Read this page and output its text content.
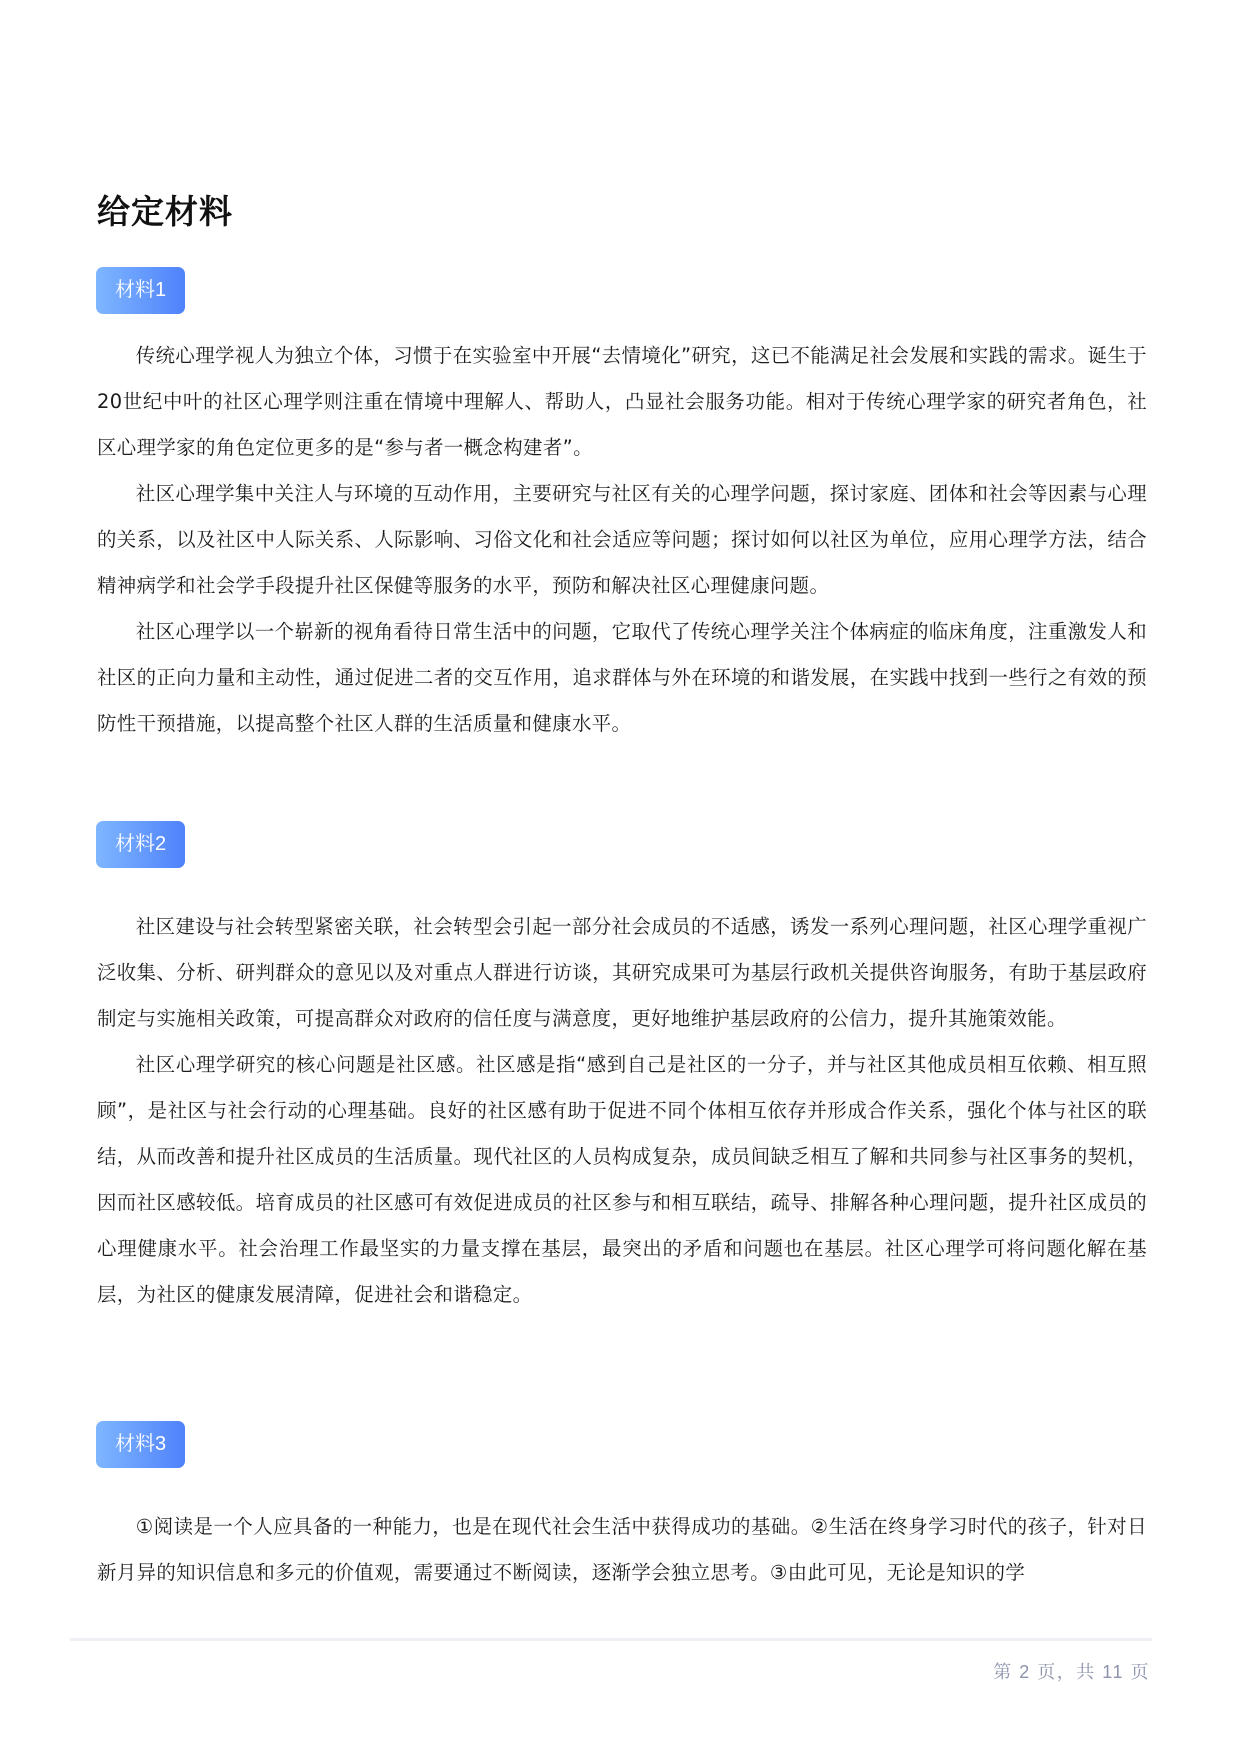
给定材料
材料1

传统心理学视人为独立个体，习惯于在实验室中开展“去情境化”研究，这已不能满足社会发展和实践的需求。诞生于20世纪中叶的社区心理学则注重在情境中理解人、帮助人，凸显社会服务功能。相对于传统心理学家的研究者角色，社区心理学家的角色定位更多的是“参与者一概念构建者”。

社区心理学集中关注人与环境的互动作用，主要研究与社区有关的心理学问题，探讨家庭、团体和社会等因素与心理的关系，以及社区中人际关系、人际影响、习俗文化和社会适应等问题；探讨如何以社区为单位，应用心理学方法，结合精神病学和社会学手段提升社区保健等服务的水平，预防和解决社区心理健康问题。

社区心理学以一个崭新的视角看待日常生活中的问题，它取代了传统心理学关注个体病症的临床角度，注重激发人和社区的正向力量和主动性，通过促进二者的交互作用，追求群体与外在环境的和谐发展，在实践中找到一些行之有效的预防性干预措施，以提高整个社区人群的生活质量和健康水平。

材料2

社区建设与社会转型紧密关联，社会转型会引起一部分社会成员的不适感，诱发一系列心理问题，社区心理学重视广泛收集、分析、研判群众的意见以及对重点人群进行访谈，其研究成果可为基层行政机关提供咨询服务，有助于基层政府制定与实施相关政策，可提高群众对政府的信任度与满意度，更好地维护基层政府的公信力，提升其施策效能。

社区心理学研究的核心问题是社区感。社区感是指“感到自己是社区的一分子，并与社区其他成员相互依赖、相互照顾”，是社区与社会行动的心理基础。良好的社区感有助于促进不同个体相互依存并形成合作关系，强化个体与社区的联结，从而改善和提升社区成员的生活质量。现代社区的人员构成复杂，成员间缺乏相互了解和共同参与社区事务的契机，因而社区感较低。培育成员的社区感可有效促进成员的社区参与和相互联结，疏导、排解各种心理问题，提升社区成员的心理健康水平。社会治理工作最坚实的力量支撑在基层，最突出的矛盾和问题也在基层。社区心理学可将问题化解在基层，为社区的健康发展清障，促进社会和谐稳定。

材料3

①阅读是一个人应具备的一种能力，也是在现代社会生活中获得成功的基础。②生活在终身学习时代的孩子，针对日新月异的知识信息和多元的价值观，需要通过不断阅读，逐渐学会独立思考。③由此可见，无论是知识的学

第 2 页，共 11 页
